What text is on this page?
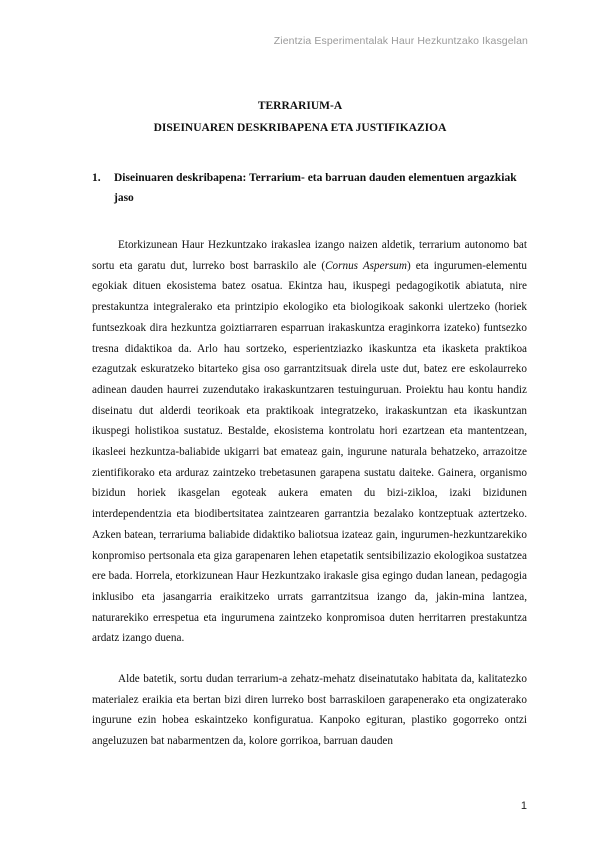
Zientzia Esperimentalak Haur Hezkuntzako Ikasgelan
TERRARIUM-A
DISEINUAREN DESKRIBAPENA ETA JUSTIFIKAZIOA
1.	Diseinuaren deskribapena: Terrarium- eta barruan dauden elementuen argazkiak jaso

Etorkizunean Haur Hezkuntzako irakaslea izango naizen aldetik, terrarium autonomo bat sortu eta garatu dut, lurreko bost barraskilo ale (Cornus Aspersum) eta ingurumen-elementu egokiak dituen ekosistema batez osatua. Ekintza hau, ikuspegi pedagogikotik abiatuta, nire prestakuntza integralerako eta printzipio ekologiko eta biologikoak sakonki ulertzeko (horiek funtsezkoak dira hezkuntza goiztiarraren esparruan irakaskuntza eraginkorra izateko) funtsezko tresna didaktikoa da. Arlo hau sortzeko, esperientziazko ikaskuntza eta ikasketa praktikoa ezagutzak eskuratzeko bitarteko gisa oso garrantzitsuak direla uste dut, batez ere eskolaurreko adinean dauden haurrei zuzendutako irakaskuntzaren testuinguruan. Proiektu hau kontu handiz diseinatu dut alderdi teorikoak eta praktikoak integratzeko, irakaskuntzan eta ikaskuntzan ikuspegi holistikoa sustatuz. Bestalde, ekosistema kontrolatu hori ezartzean eta mantentzean, ikasleei hezkuntza-baliabide ukigarri bat emateaz gain, ingurune naturala behatzeko, arrazoitze zientifikorako eta arduraz zaintzeko trebetasunen garapena sustatu daiteke. Gainera, organismo bizidun horiek ikasgelan egoteak aukera ematen du bizi-zikloa, izaki bizidunen interdependentzia eta biodibertsitatea zaintzearen garrantzia bezalako kontzeptuak aztertzeko. Azken batean, terrariuma baliabide didaktiko baliotsua izateaz gain, ingurumen-hezkuntzarekiko konpromiso pertsonala eta giza garapenaren lehen etapetatik sentsibilizazio ekologikoa sustatzea ere bada. Horrela, etorkizunean Haur Hezkuntzako irakasle gisa egingo dudan lanean, pedagogia inklusibo eta jasangarria eraikitzeko urrats garrantzitsua izango da, jakin-mina lantzea, naturarekiko errespetua eta ingurumena zaintzeko konpromisoa duten herritarren prestakuntza ardatz izango duena.

Alde batetik, sortu dudan terrarium-a zehatz-mehatz diseinatutako habitata da, kalitatezko materialez eraikia eta bertan bizi diren lurreko bost barraskiloen garapenerako eta ongizaterako ingurune ezin hobea eskaintzeko konfiguratua. Kanpoko egituran, plastiko gogorreko ontzi angeluzuzen bat nabarmentzen da, kolore gorrikoa, barruan dauden

1
